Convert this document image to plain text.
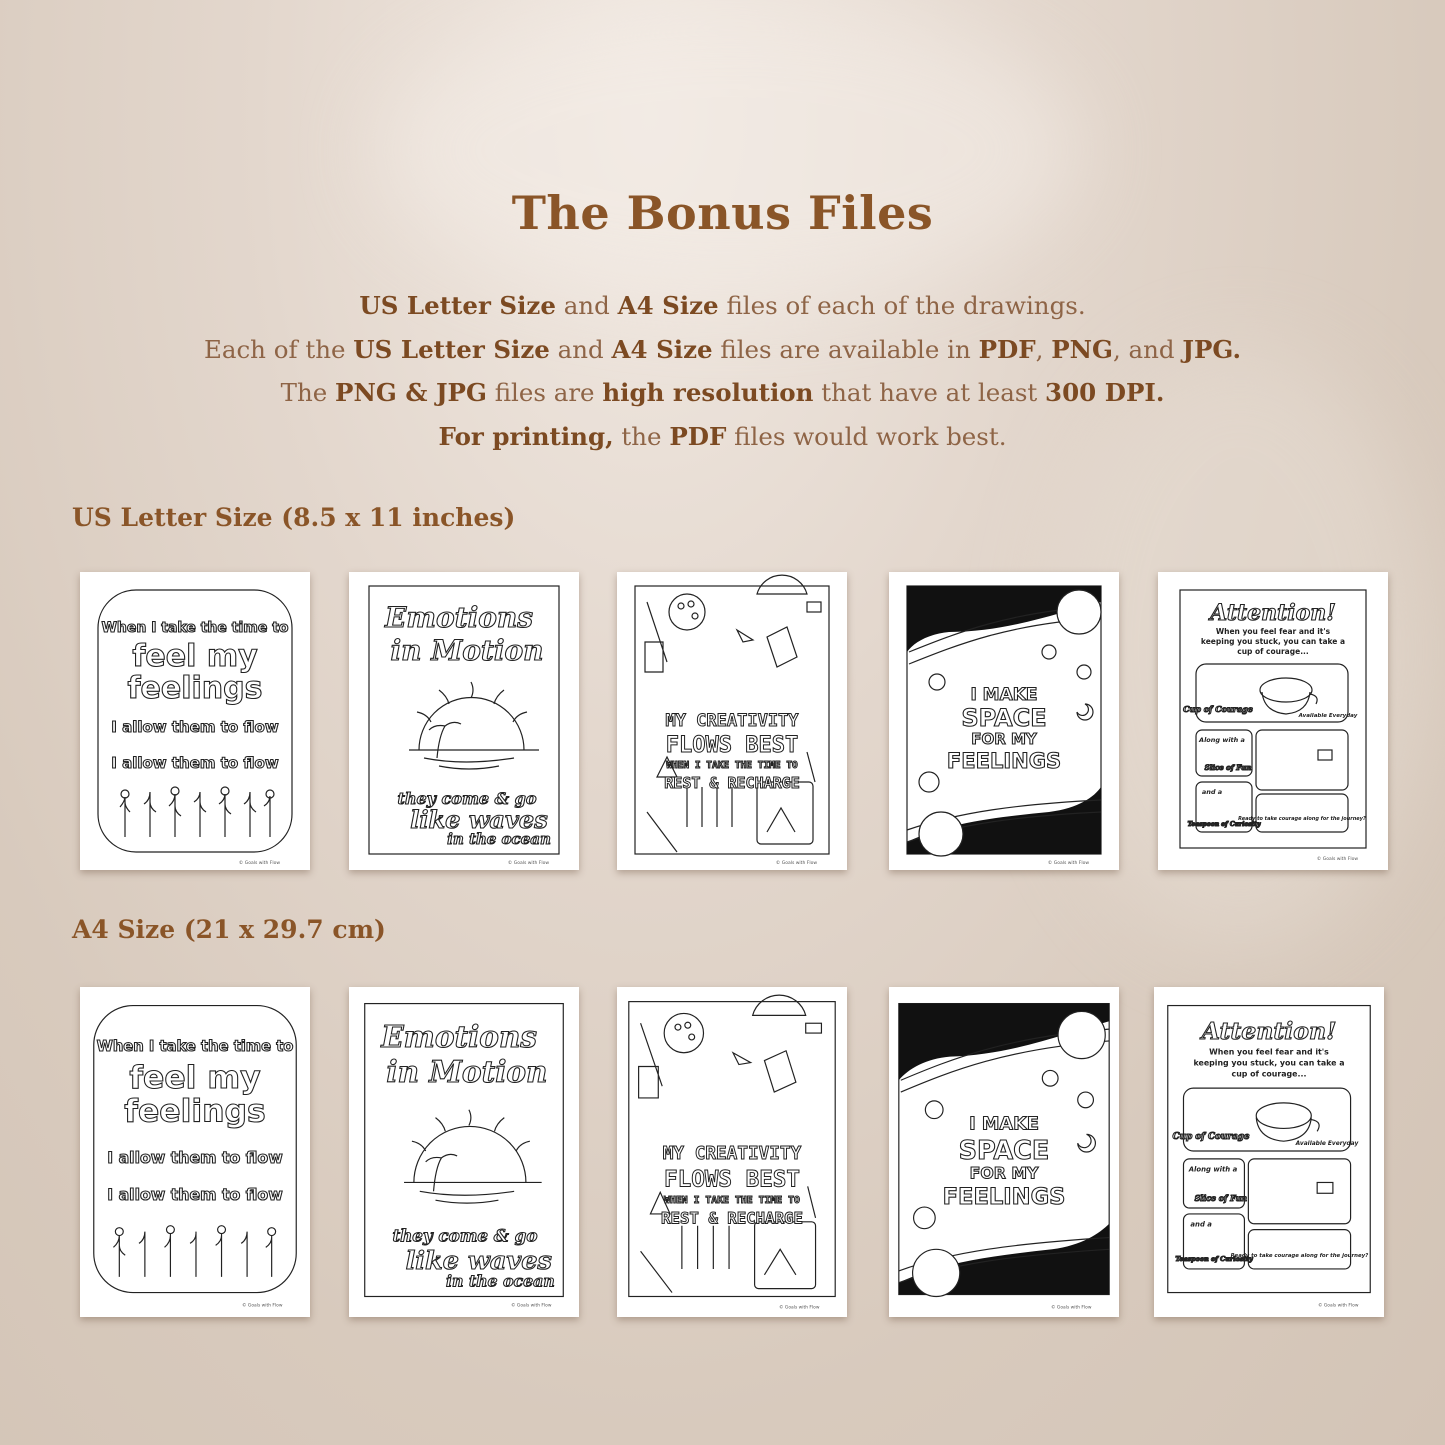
The Bonus Files
US Letter Size and A4 Size files of each of the drawings.
Each of the US Letter Size and A4 Size files are available in PDF, PNG, and JPG.
The PNG & JPG files are high resolution that have at least 300 DPI.
For printing, the PDF files would work best.
US Letter Size (8.5 x 11 inches)
A4 Size (21 x 29.7 cm)
When I take the time to
feel my
feelings
I allow them to flow
I allow them to flow
© Goals with Flow
Emotions
in Motion
they come & go
like waves
in the ocean
© Goals with Flow
MY CREATIVITY
FLOWS BEST
WHEN I TAKE THE TIME TO
REST & RECHARGE
© Goals with Flow
I MAKE
SPACE
FOR MY
FEELINGS
© Goals with Flow
Attention!
When you feel fear and it's
keeping you stuck, you can take a
cup of courage...
Cup of Courage
Available Everyday
Along with a
Slice of Fun
and a
Teaspoon of Curiosity
Ready to take courage along for the journey?
© Goals with Flow
When I take the time to
feel my
feelings
I allow them to flow
I allow them to flow
© Goals with Flow
Emotions
in Motion
they come & go
like waves
in the ocean
© Goals with Flow
MY CREATIVITY
FLOWS BEST
WHEN I TAKE THE TIME TO
REST & RECHARGE
© Goals with Flow
I MAKE
SPACE
FOR MY
FEELINGS
© Goals with Flow
Attention!
When you feel fear and it's
keeping you stuck, you can take a
cup of courage...
Cup of Courage
Available Everyday
Along with a
Slice of Fun
and a
Teaspoon of Curiosity
Ready to take courage along for the journey?
© Goals with Flow
